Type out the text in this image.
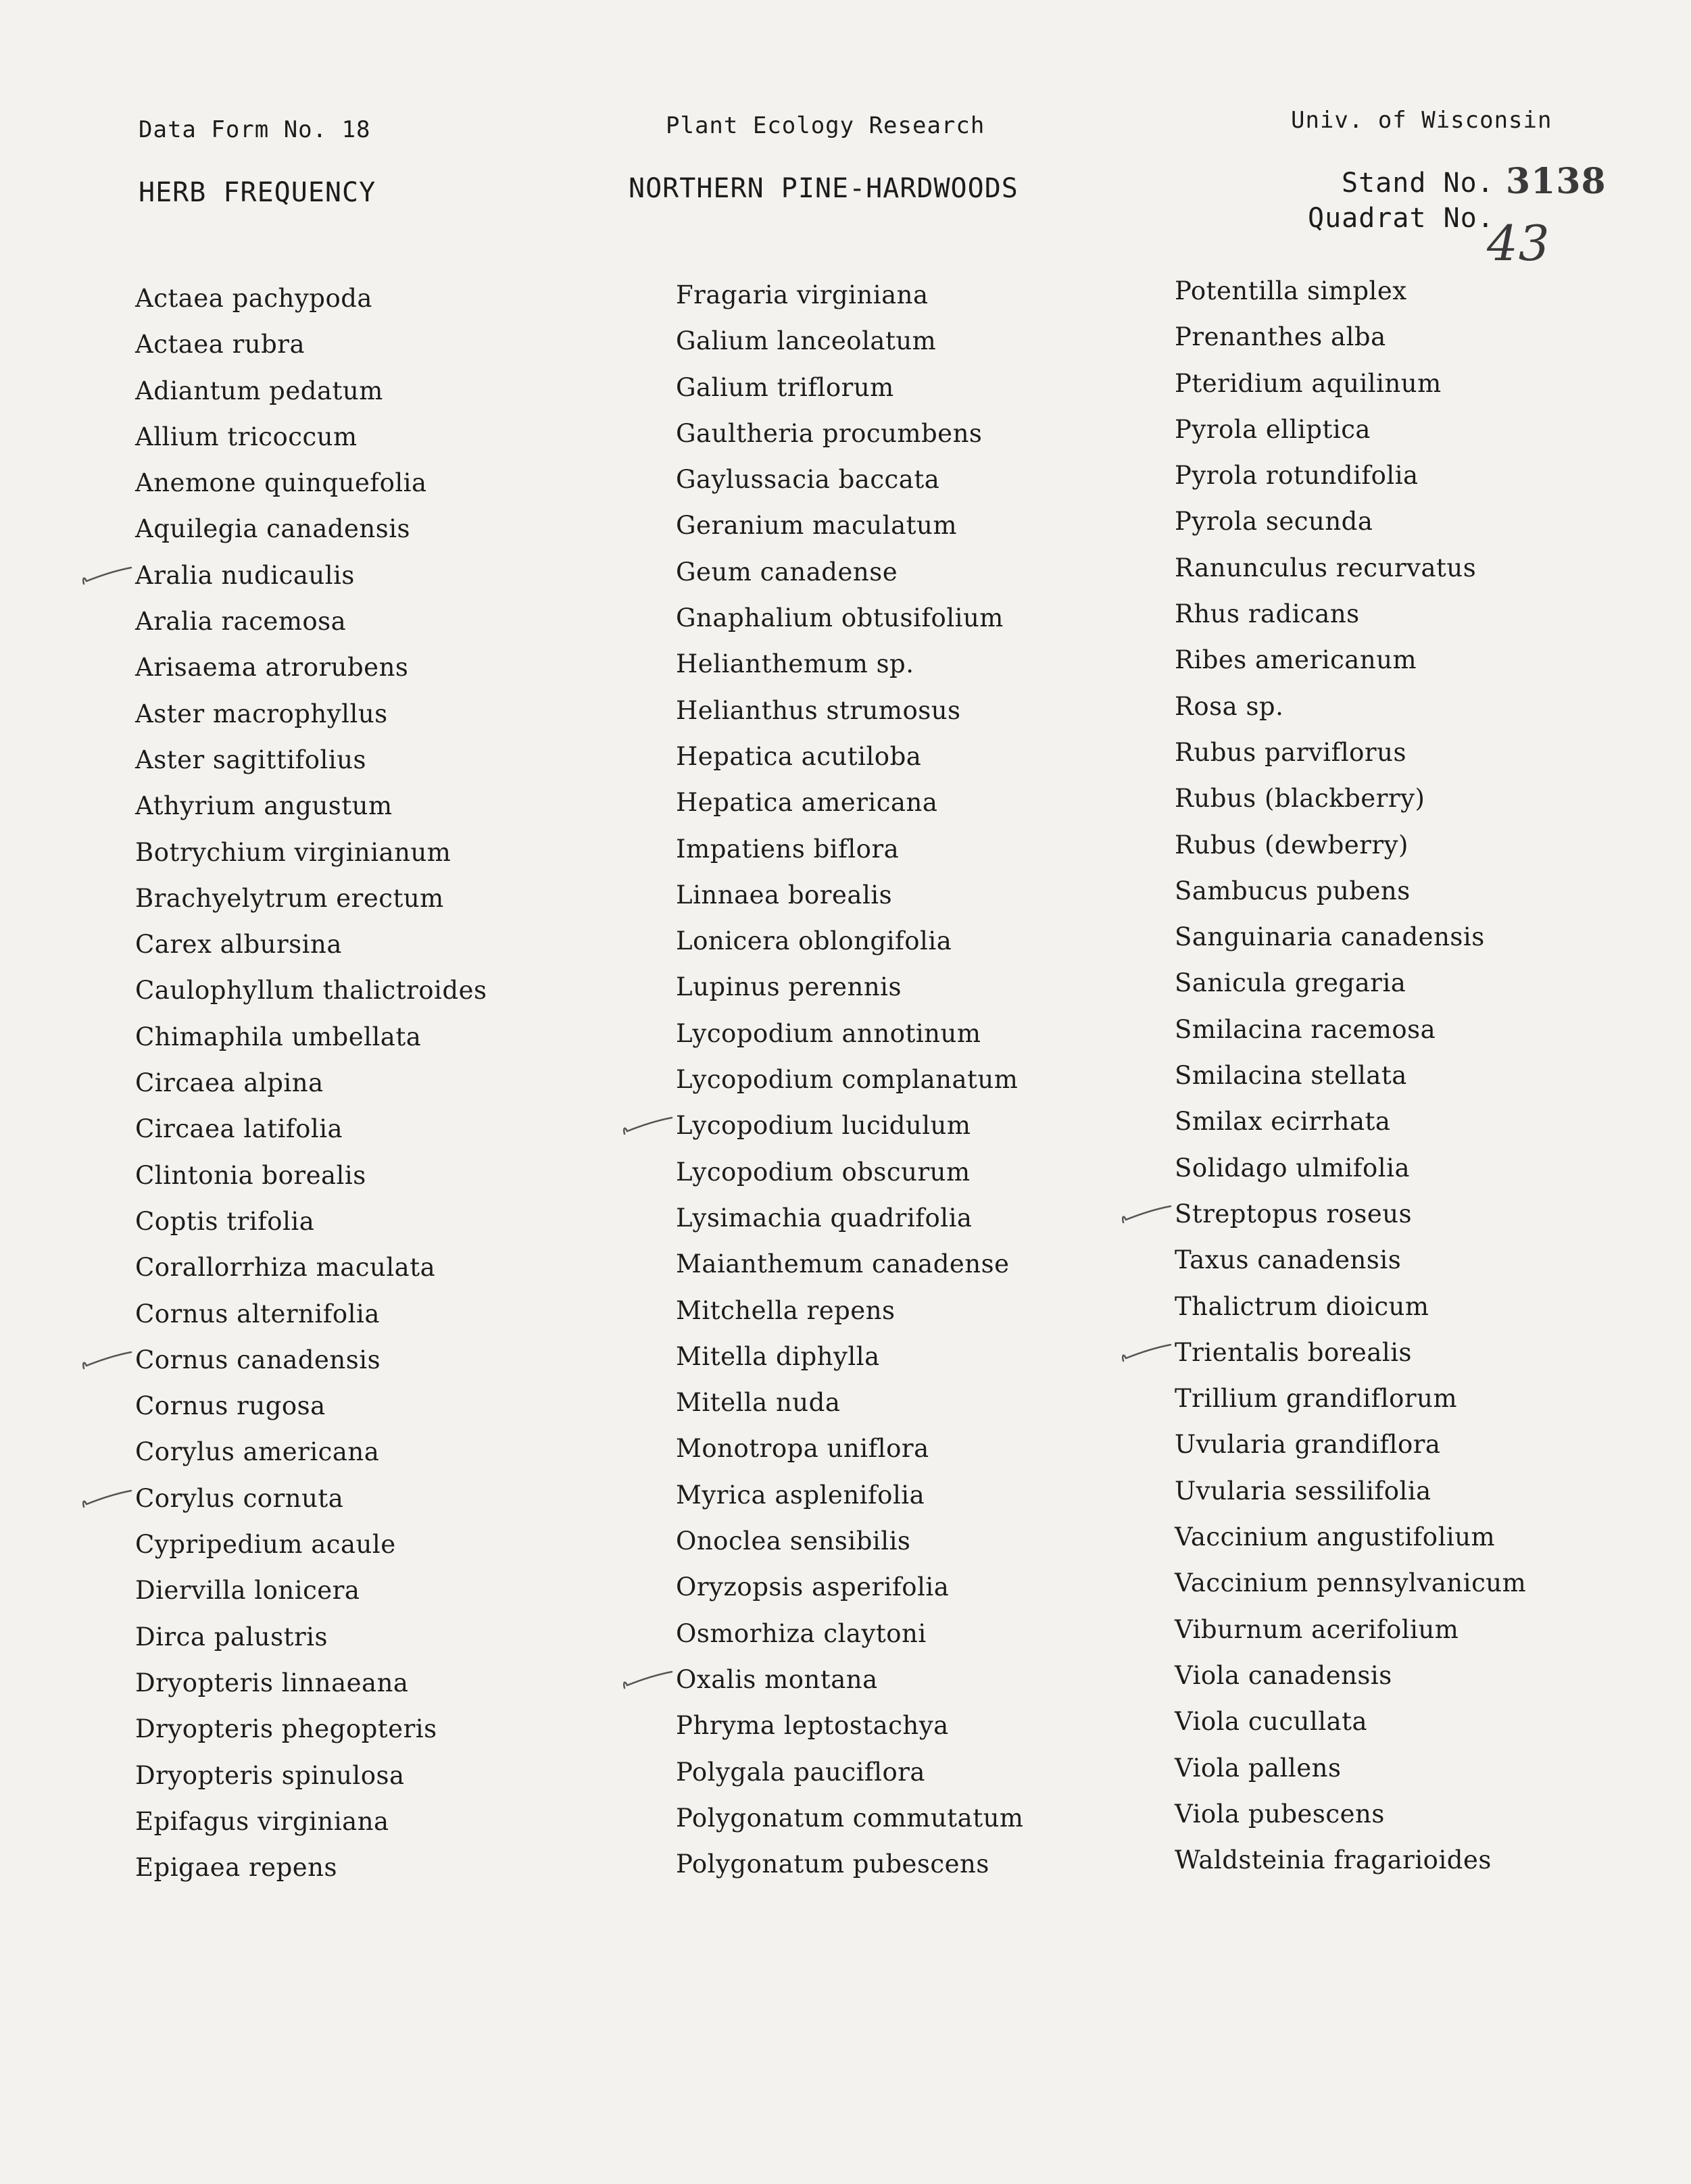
Data Form No. 18	Plant Ecology Research	Univ. of Wisconsin
HERB FREQUENCY	NORTHERN PINE-HARDWOODS	Stand No. 3138
Quadrat No.
43
Actaea pachypoda
Actaea rubra
Adiantum pedatum
Allium tricoccum
Anemone quinquefolia
Aquilegia canadensis
Aralia nudicaulis
Aralia racemosa
Arisaema atrorubens
Aster macrophyllus
Aster sagittifolius
Athyrium angustum
Botrychium virginianum
Brachyelytrum erectum
Carex albursina
Caulophyllum thalictroides
Chimaphila umbellata
Circaea alpina
Circaea latifolia
Clintonia borealis
Coptis trifolia
Corallorrhiza maculata
Cornus alternifolia
Cornus canadensis
Cornus rugosa
Corylus americana
Corylus cornuta
Cypripedium acaule
Diervilla lonicera
Dirca palustris
Dryopteris linnaeana
Dryopteris phegopteris
Dryopteris spinulosa
Epifagus virginiana
Epigaea repens
Fragaria virginiana
Galium lanceolatum
Galium triflorum
Gaultheria procumbens
Gaylussacia baccata
Geranium maculatum
Geum canadense
Gnaphalium obtusifolium
Helianthemum sp.
Helianthus strumosus
Hepatica acutiloba
Hepatica americana
Impatiens biflora
Linnaea borealis
Lonicera oblongifolia
Lupinus perennis
Lycopodium annotinum
Lycopodium complanatum
Lycopodium lucidulum
Lycopodium obscurum
Lysimachia quadrifolia
Maianthemum canadense
Mitchella repens
Mitella diphylla
Mitella nuda
Monotropa uniflora
Myrica asplenifolia
Onoclea sensibilis
Oryzopsis asperifolia
Osmorhiza claytoni
Oxalis montana
Phryma leptostachya
Polygala pauciflora
Polygonatum commutatum
Polygonatum pubescens
Potentilla simplex
Prenanthes alba
Pteridium aquilinum
Pyrola elliptica
Pyrola rotundifolia
Pyrola secunda
Ranunculus recurvatus
Rhus radicans
Ribes americanum
Rosa sp.
Rubus parviflorus
Rubus (blackberry)
Rubus (dewberry)
Sambucus pubens
Sanguinaria canadensis
Sanicula gregaria
Smilacina racemosa
Smilacina stellata
Smilax ecirrhata
Solidago ulmifolia
Streptopus roseus
Taxus canadensis
Thalictrum dioicum
Trientalis borealis
Trillium grandiflorum
Uvularia grandiflora
Uvularia sessilifolia
Vaccinium angustifolium
Vaccinium pennsylvanicum
Viburnum acerifolium
Viola canadensis
Viola cucullata
Viola pallens
Viola pubescens
Waldsteinia fragarioides
